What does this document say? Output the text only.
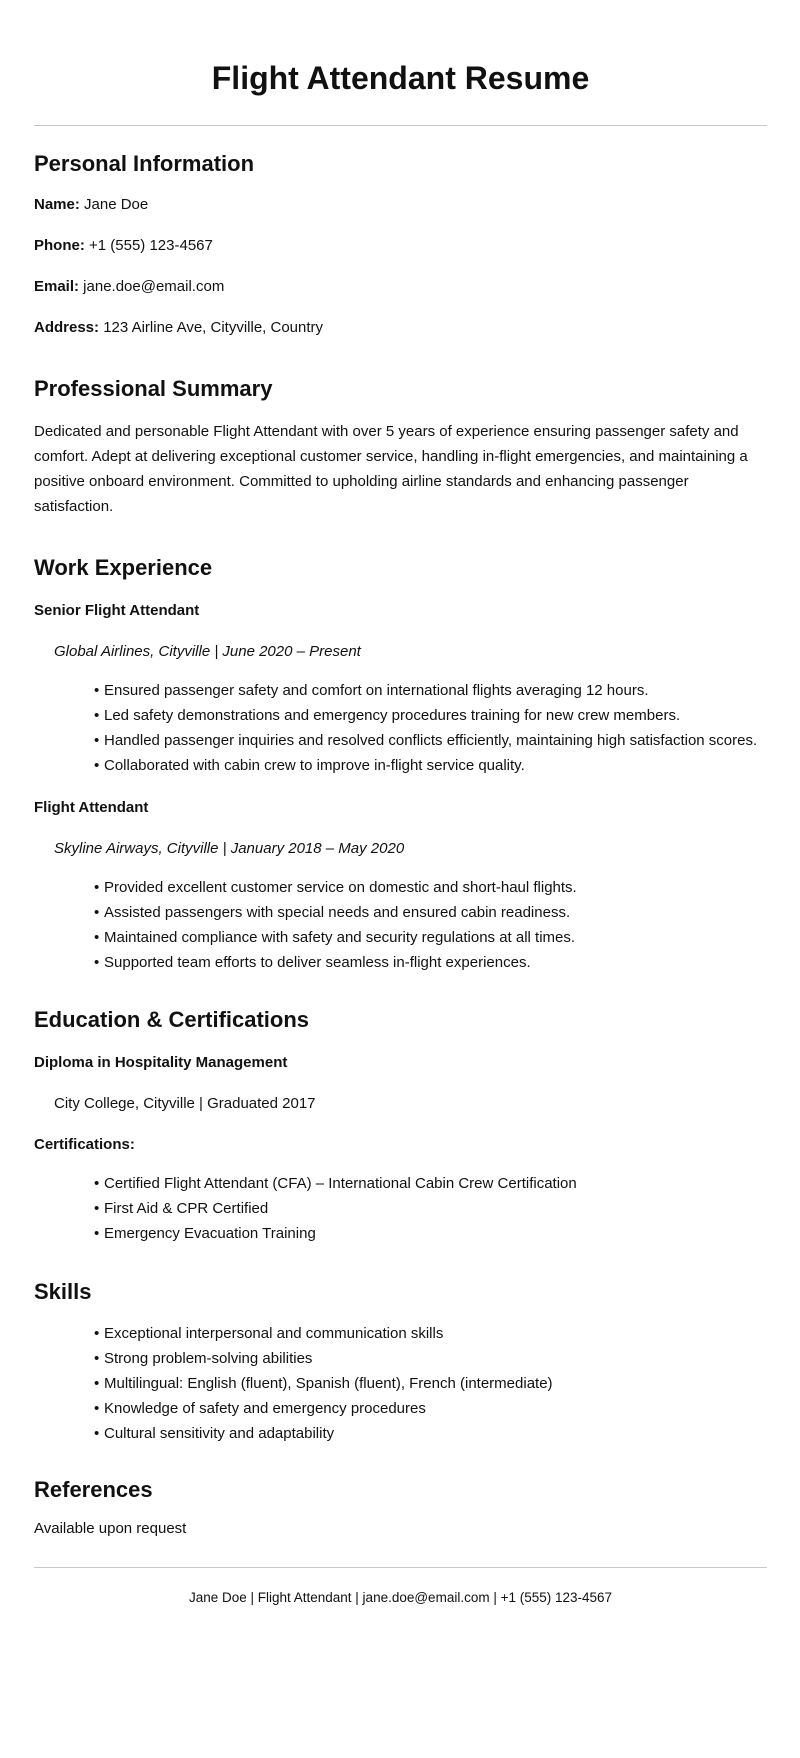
Flight Attendant Resume
Personal Information
Name: Jane Doe
Phone: +1 (555) 123-4567
Email: jane.doe@email.com
Address: 123 Airline Ave, Cityville, Country
Professional Summary

Dedicated and personable Flight Attendant with over 5 years of experience ensuring passenger safety and comfort. Adept at delivering exceptional customer service, handling in-flight emergencies, and maintaining a positive onboard environment. Committed to upholding airline standards and enhancing passenger satisfaction.

Work Experience
Senior Flight Attendant
Global Airlines, Cityville | June 2020 – Present
• Ensured passenger safety and comfort on international flights averaging 12 hours.
• Led safety demonstrations and emergency procedures training for new crew members.
• Handled passenger inquiries and resolved conflicts efficiently, maintaining high satisfaction scores.
• Collaborated with cabin crew to improve in-flight service quality.
Flight Attendant
Skyline Airways, Cityville | January 2018 – May 2020
• Provided excellent customer service on domestic and short-haul flights.
• Assisted passengers with special needs and ensured cabin readiness.
• Maintained compliance with safety and security regulations at all times.
• Supported team efforts to deliver seamless in-flight experiences.
Education & Certifications
Diploma in Hospitality Management
City College, Cityville | Graduated 2017
Certifications:
• Certified Flight Attendant (CFA) – International Cabin Crew Certification
• First Aid & CPR Certified
• Emergency Evacuation Training
Skills
• Exceptional interpersonal and communication skills
• Strong problem-solving abilities
• Multilingual: English (fluent), Spanish (fluent), French (intermediate)
• Knowledge of safety and emergency procedures
• Cultural sensitivity and adaptability
References

Available upon request

Jane Doe | Flight Attendant | jane.doe@email.com | +1 (555) 123-4567
